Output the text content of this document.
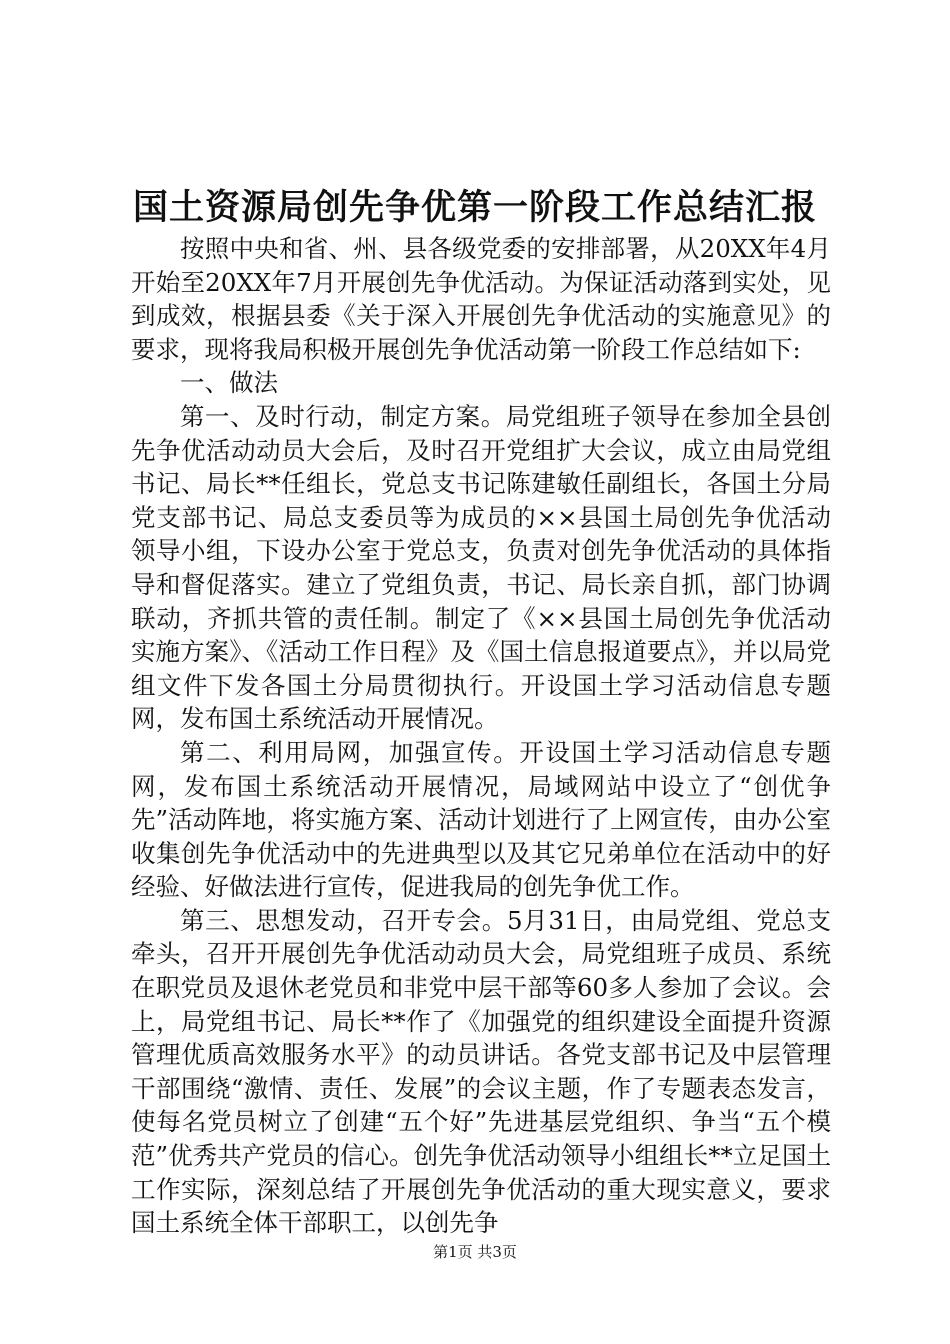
国土资源局创先争优第一阶段工作总结汇报

按照中央和省、州、县各级党委的安排部署，从20XX年4月开始至20XX年7月开展创先争优活动。为保证活动落到实处，见到成效，根据县委《关于深入开展创先争优活动的实施意见》的要求，现将我局积极开展创先争优活动第一阶段工作总结如下:

一、做法

第一、及时行动，制定方案。局党组班子领导在参加全县创先争优活动动员大会后，及时召开党组扩大会议，成立由局党组书记、局长**任组长，党总支书记陈建敏任副组长，各国土分局党支部书记、局总支委员等为成员的××县国土局创先争优活动领导小组，下设办公室于党总支，负责对创先争优活动的具体指导和督促落实。建立了党组负责，书记、局长亲自抓，部门协调联动，齐抓共管的责任制。制定了《××县国土局创先争优活动实施方案》、《活动工作日程》及《国土信息报道要点》，并以局党组文件下发各国土分局贯彻执行。开设国土学习活动信息专题网，发布国土系统活动开展情况。

第二、利用局网，加强宣传。开设国土学习活动信息专题网，发布国土系统活动开展情况，局域网站中设立了“创优争先”活动阵地，将实施方案、活动计划进行了上网宣传，由办公室收集创先争优活动中的先进典型以及其它兄弟单位在活动中的好经验、好做法进行宣传，促进我局的创先争优工作。

第三、思想发动，召开专会。5月31日，由局党组、党总支牵头，召开开展创先争优活动动员大会，局党组班子成员、系统在职党员及退休老党员和非党中层干部等60多人参加了会议。会上，局党组书记、局长**作了《加强党的组织建设全面提升资源管理优质高效服务水平》的动员讲话。各党支部书记及中层管理干部围绕“激情、责任、发展”的会议主题，作了专题表态发言，使每名党员树立了创建“五个好”先进基层党组织、争当“五个模范”优秀共产党员的信心。创先争优活动领导小组组长**立足国土工作实际，深刻总结了开展创先争优活动的重大现实意义，要求国土系统全体干部职工，以创先争

第1页 共3页
